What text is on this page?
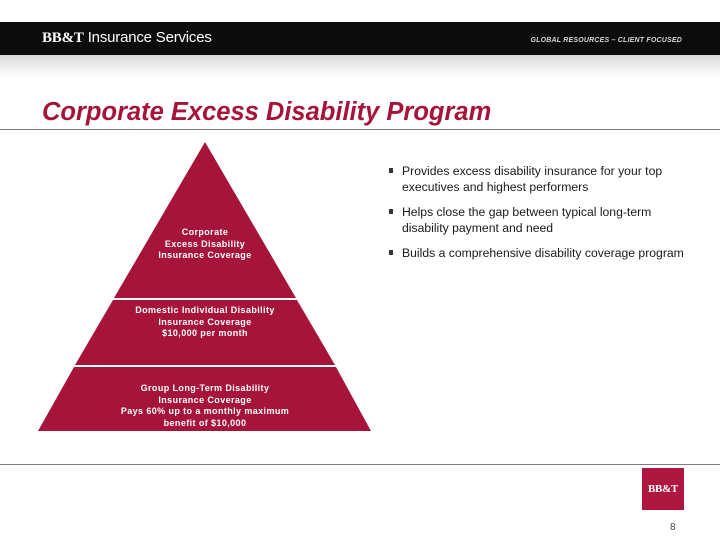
BB&T Insurance Services	GLOBAL RESOURCES – CLIENT FOCUSED
Corporate Excess Disability Program
Corporate
Excess Disability
Insurance Coverage
Domestic Individual Disability
Insurance Coverage
$10,000 per month
Group Long-Term Disability
Insurance Coverage
Pays 60% up to a monthly maximum
benefit of $10,000
Provides excess disability insurance for your top executives and highest performers
Helps close the gap between typical long-term disability payment and need
Builds a comprehensive disability coverage program
BB&T
8
